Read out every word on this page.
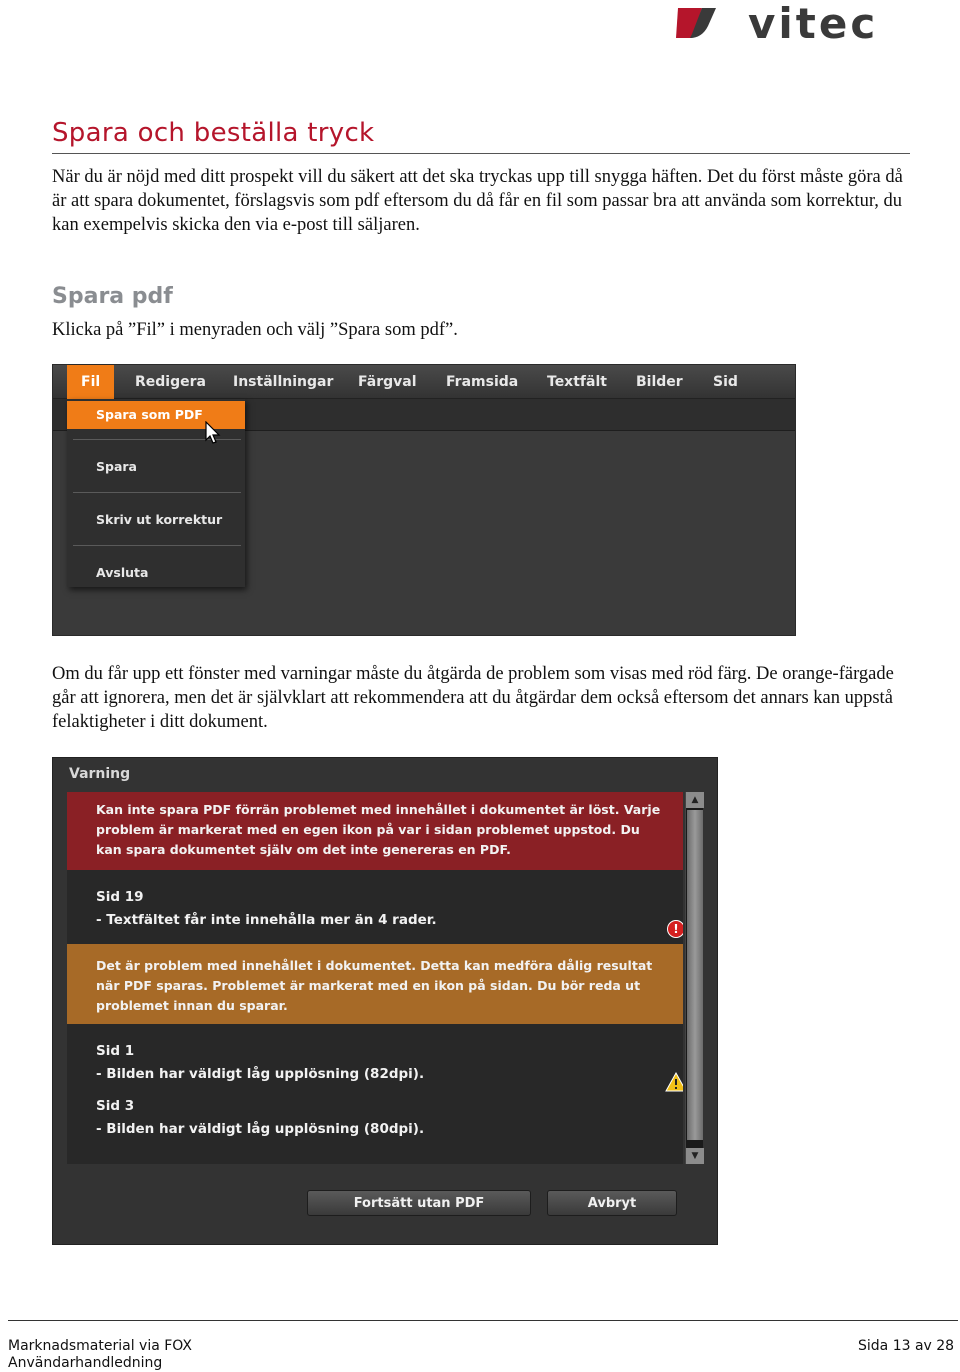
vitec
Spara och beställa tryck
När du är nöjd med ditt prospekt vill du säkert att det ska tryckas upp till snygga häften. Det du först måste göra då är att spara dokumentet, förslagsvis som pdf eftersom du då får en fil som passar bra att använda som korrektur, du kan exempelvis skicka den via e-post till säljaren.
Spara pdf
Klicka på ”Fil” i menyraden och välj ”Spara som pdf”.
Fil	Redigera Inställningar Färgval Framsida Textfält Bilder Sid
Spara som PDF
Spara
Skriv ut korrektur
Avsluta
Om du får upp ett fönster med varningar måste du åtgärda de problem som visas med röd färg. De orange-färgade går att ignorera, men det är självklart att rekommendera att du åtgärdar dem också eftersom det annars kan uppstå felaktigheter i ditt dokument.
Varning
Kan inte spara PDF förrän problemet med innehållet i dokumentet är löst. Varje problem är markerat med en egen ikon på var i sidan problemet uppstod. Du kan spara dokumentet själv om det inte genereras en PDF.
Sid 19
- Textfältet får inte innehålla mer än 4 rader.
Det är problem med innehållet i dokumentet. Detta kan medföra dålig resultat när PDF sparas. Problemet är markerat med en ikon på sidan. Du bör reda ut problemet innan du sparar.
Sid 1
- Bilden har väldigt låg upplösning (82dpi).
Sid 3
- Bilden har väldigt låg upplösning (80dpi).
!
▲
▼
Fortsätt utan PDF	Avbryt
Marknadsmaterial via FOX
Användarhandledning
Sida 13 av 28
